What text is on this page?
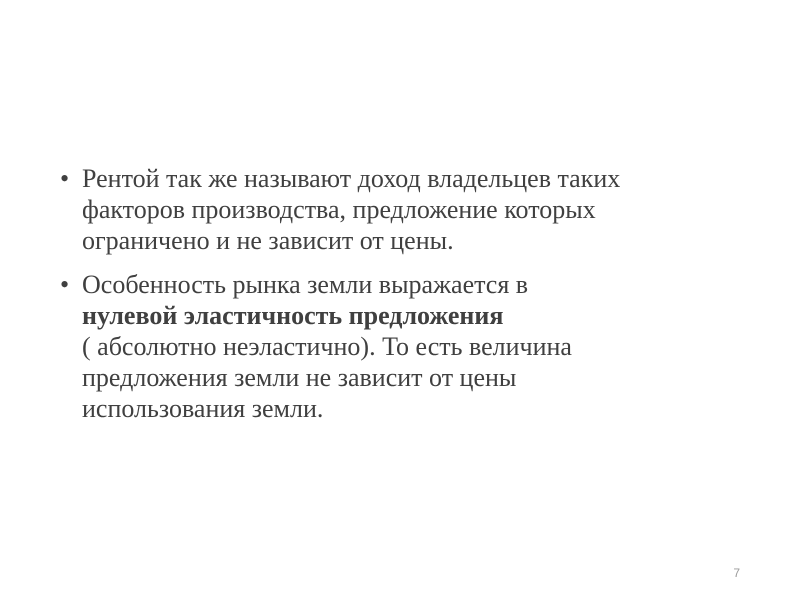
• Рентой так же называют доход владельцев таких
факторов производства, предложение которых
ограничено и не зависит от цены.
• Особенность рынка земли выражается в
нулевой эластичность предложения
( абсолютно неэластично). То есть величина
предложения земли не зависит от цены
использования земли.
7
